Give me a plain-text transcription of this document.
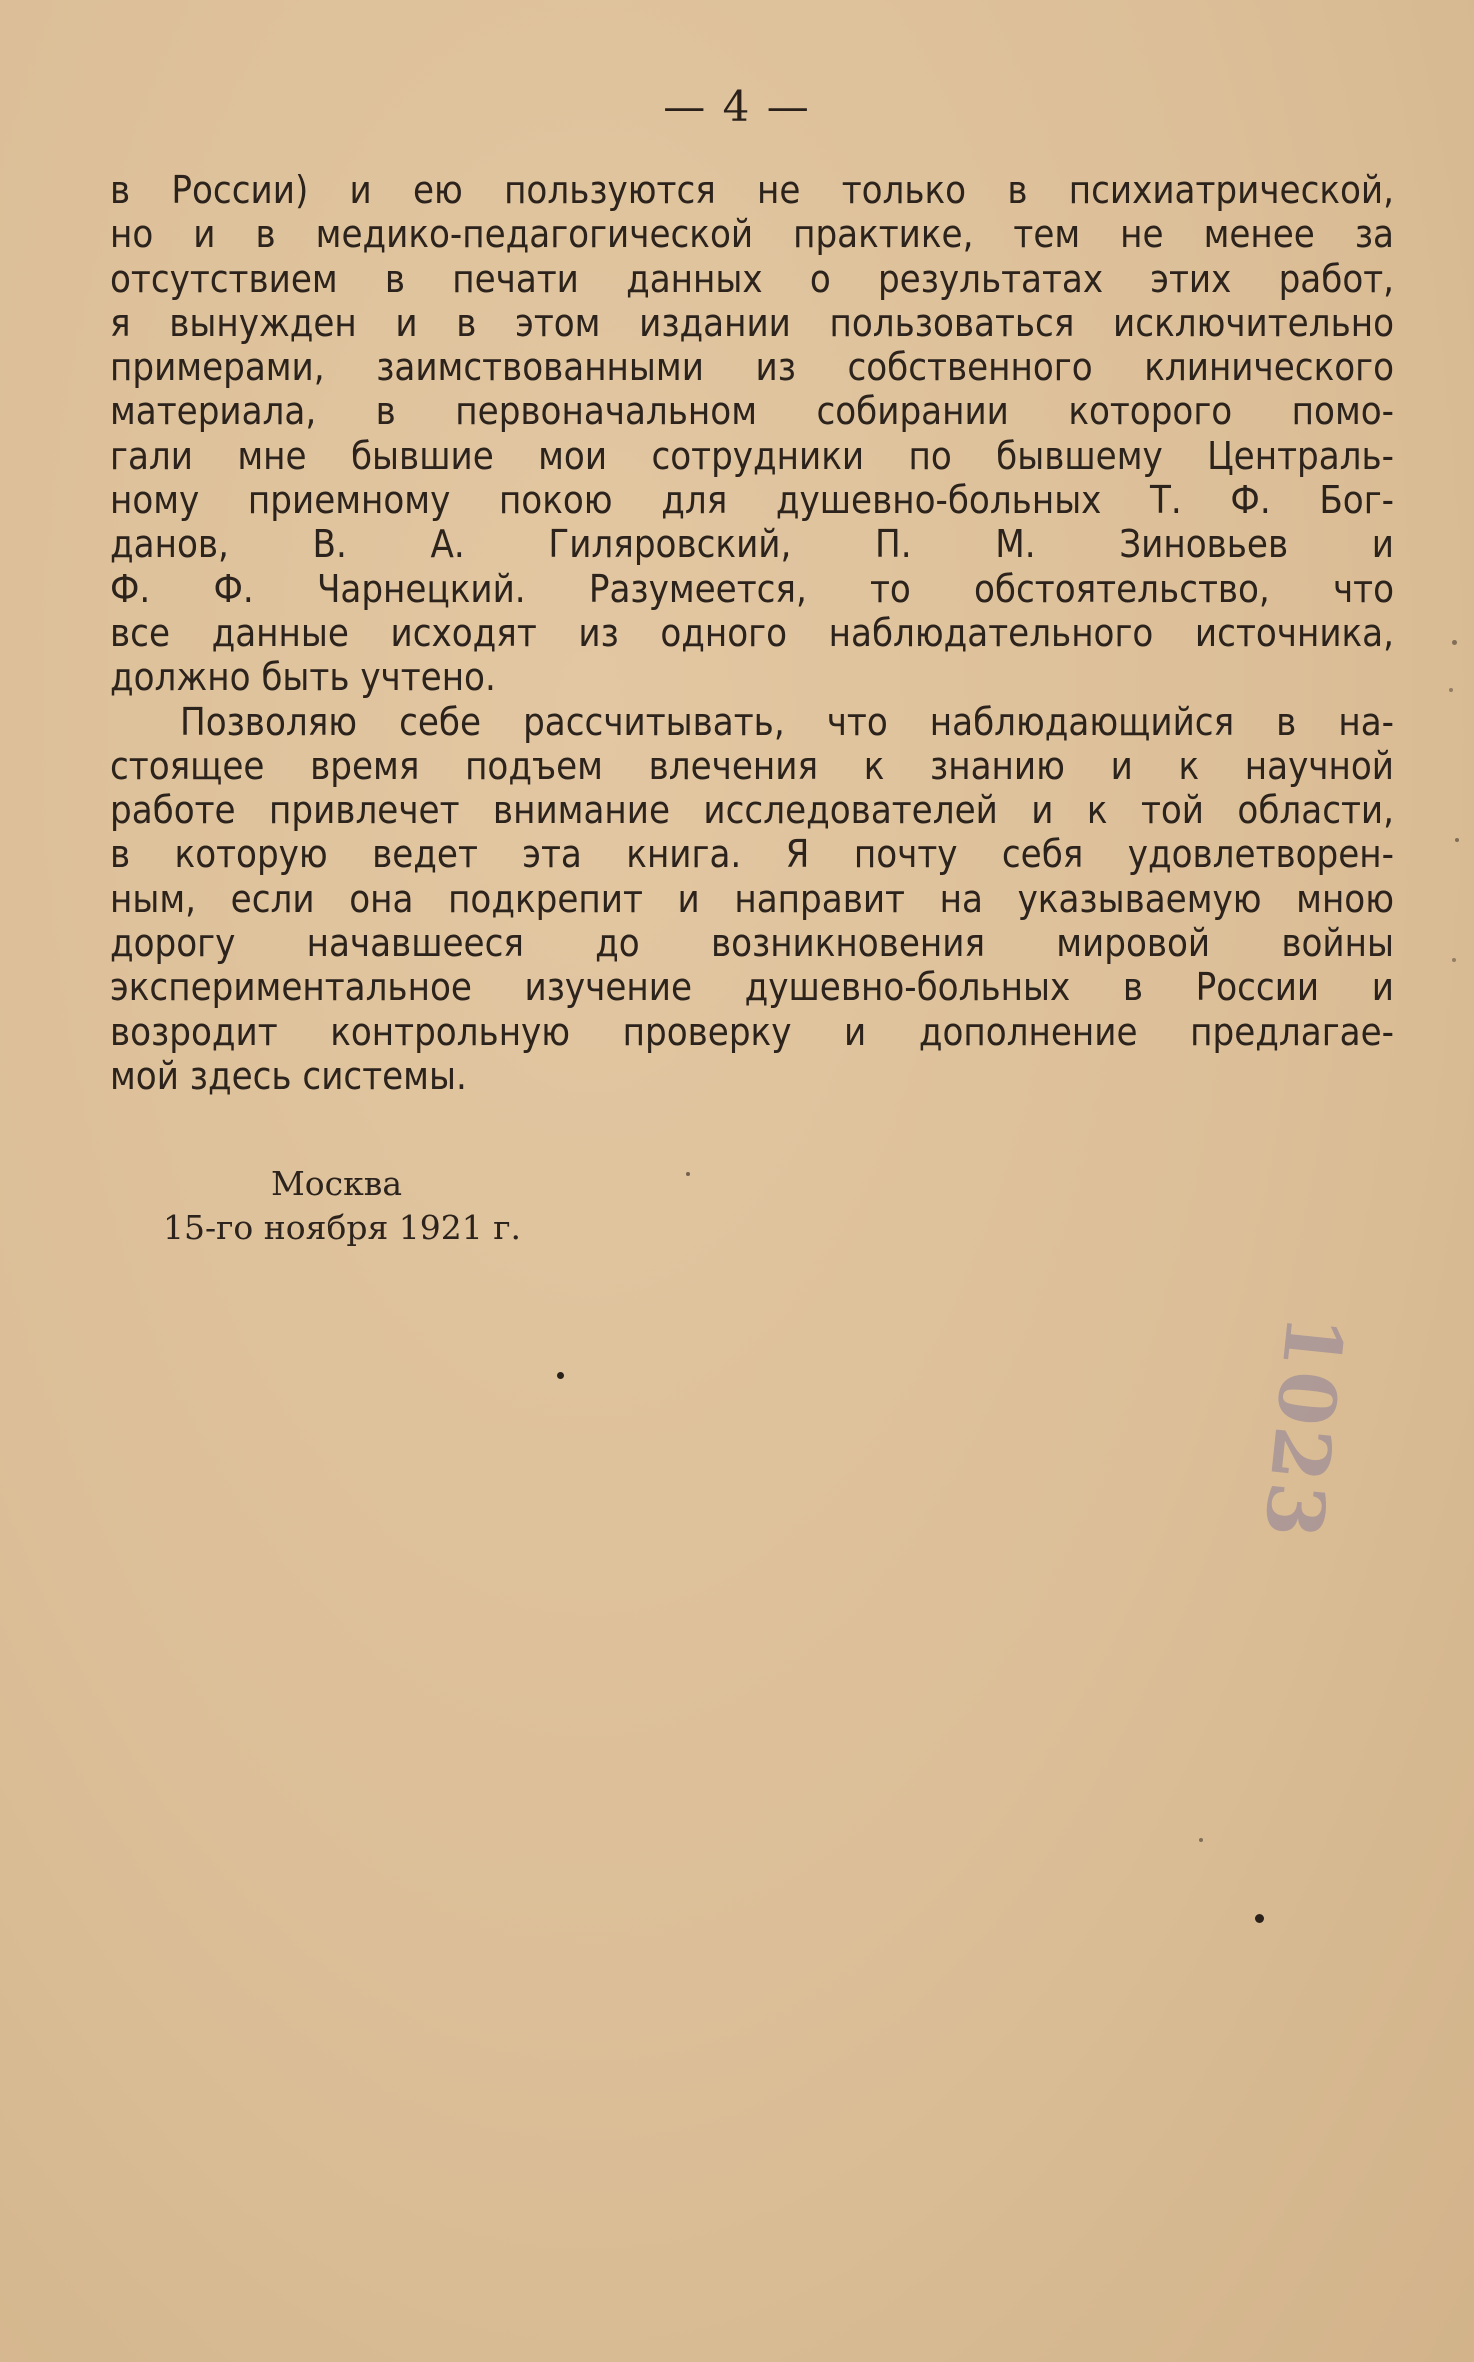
— 4 —
в России) и ею пользуются не только в психиатрической,
но и в медико-педагогической практике, тем не менее за
отсутствием в печати данных о результатах этих работ,
я вынужден и в этом издании пользоваться исключительно
примерами, заимствованными из собственного клинического
материала, в первоначальном собирании которого помо-
гали мне бывшие мои сотрудники по бывшему Централь-
ному приемному покою для душевно-больных Т. Ф. Бог-
данов, В. А. Гиляровский, П. М. Зиновьев и
Ф. Ф. Чарнецкий. Разумеется, то обстоятельство, что
все данные исходят из одного наблюдательного источника,
должно быть учтено.
Позволяю себе рассчитывать, что наблюдающийся в на-
стоящее время подъем влечения к знанию и к научной
работе привлечет внимание исследователей и к той области,
в которую ведет эта книга. Я почту себя удовлетворен-
ным, если она подкрепит и направит на указываемую мною
дорогу начавшееся до возникновения мировой войны
экспериментальное изучение душевно-больных в России и
возродит контрольную проверку и дополнение предлагае-
мой здесь системы.
Москва
15-го ноября 1921 г.
1023
